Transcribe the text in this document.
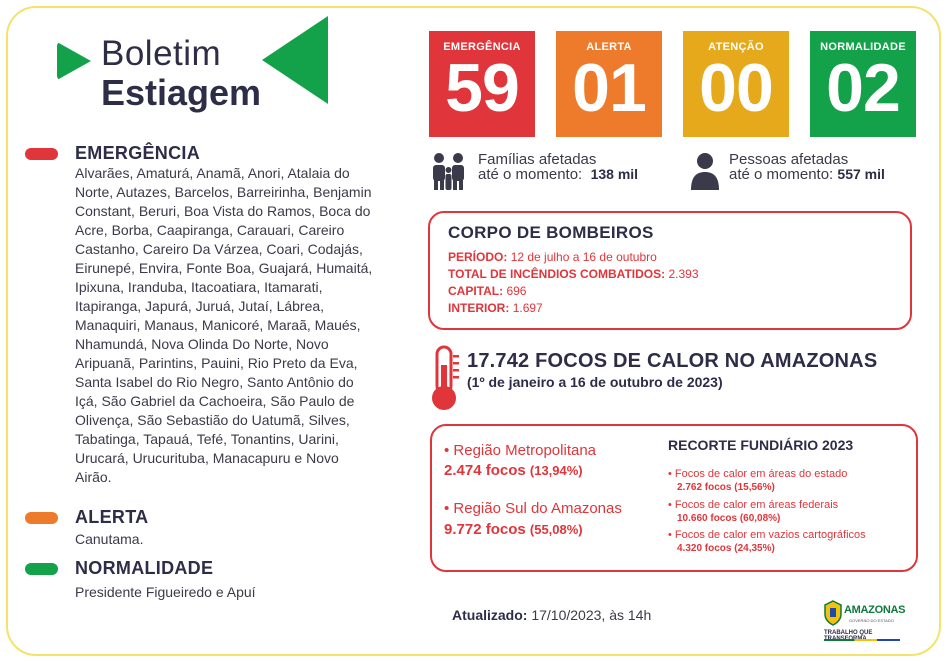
Boletim
Estiagem
EMERGÊNCIA
Alvarães, Amaturá, Anamã, Anori, Atalaia do
Norte, Autazes, Barcelos, Barreirinha, Benjamin
Constant, Beruri, Boa Vista do Ramos, Boca do
Acre, Borba, Caapiranga, Carauari, Careiro
Castanho, Careiro Da Várzea, Coari, Codajás,
Eirunepé, Envira, Fonte Boa, Guajará, Humaitá,
Ipixuna, Iranduba, Itacoatiara, Itamarati,
Itapiranga, Japurá, Juruá, Jutaí, Lábrea,
Manaquiri, Manaus, Manicoré, Maraã, Maués,
Nhamundá, Nova Olinda Do Norte, Novo
Aripuanã, Parintins, Pauini, Rio Preto da Eva,
Santa Isabel do Rio Negro, Santo Antônio do
Içá, São Gabriel da Cachoeira, São Paulo de
Olivença, São Sebastião do Uatumã, Silves,
Tabatinga, Tapauá, Tefé, Tonantins, Uarini,
Urucará, Urucurituba, Manacapuru e Novo
Airão.
ALERTA
Canutama.
NORMALIDADE
Presidente Figueiredo e Apuí
EMERGÊNCIA
59
ALERTA
01
ATENÇÃO
00
NORMALIDADE
02
Famílias afetadas
até o momento: 138 mil
Pessoas afetadas
até o momento: 557 mil
CORPO DE BOMBEIROS
PERÍODO: 12 de julho a 16 de outubro
TOTAL DE INCÊNDIOS COMBATIDOS: 2.393
CAPITAL: 696
INTERIOR: 1.697
17.742 FOCOS DE CALOR NO AMAZONAS
(1º de janeiro a 16 de outubro de 2023)
• Região Metropolitana
2.474 focos (13,94%)
• Região Sul do Amazonas
9.772 focos (55,08%)
RECORTE FUNDIÁRIO 2023
• Focos de calor em áreas do estado
2.762 focos (15,56%)
• Focos de calor em áreas federais
10.660 focos (60,08%)
• Focos de calor em vazios cartográficos
4.320 focos (24,35%)
Atualizado: 17/10/2023, às 14h	AMAZONAS
GOVERNO DO ESTADO
TRABALHO QUE
